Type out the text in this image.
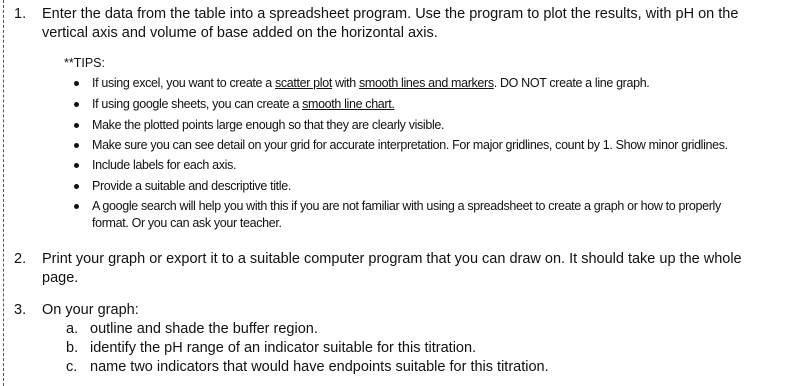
1. Enter the data from the table into a spreadsheet program. Use the program to plot the results, with pH on the
vertical axis and volume of base added on the horizontal axis.
**TIPS:
If using excel, you want to create a scatter plot with smooth lines and markers. DO NOT create a line graph.
If using google sheets, you can create a smooth line chart.
Make the plotted points large enough so that they are clearly visible.
Make sure you can see detail on your grid for accurate interpretation. For major gridlines, count by 1. Show minor gridlines.
Include labels for each axis.
Provide a suitable and descriptive title.
A google search will help you with this if you are not familiar with using a spreadsheet to create a graph or how to properly
format. Or you can ask your teacher.
2. Print your graph or export it to a suitable computer program that you can draw on. It should take up the whole
page.
3. On your graph:
a. outline and shade the buffer region.
b. identify the pH range of an indicator suitable for this titration.
c. name two indicators that would have endpoints suitable for this titration.
